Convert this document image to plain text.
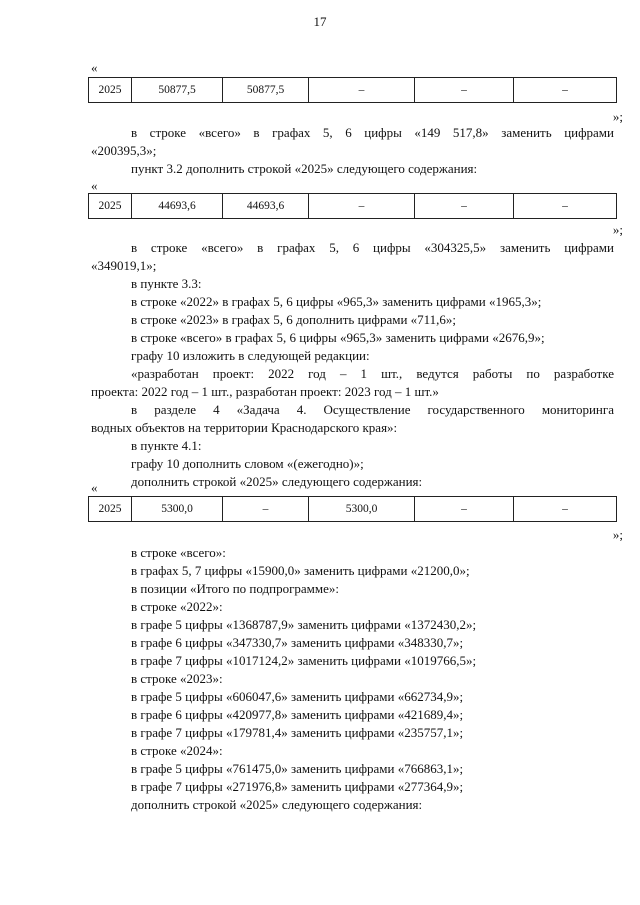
17
«
2025	50877,5	50877,5	–	–	–
»;
в строке «всего» в графах 5, 6 цифры «149 517,8» заменить цифрами
«200395,3»;
пункт 3.2 дополнить строкой «2025» следующего содержания:
«
2025	44693,6	44693,6	–	–	–
»;
в строке «всего» в графах 5, 6 цифры «304325,5» заменить цифрами
«349019,1»;
в пункте 3.3:
в строке «2022» в графах 5, 6 цифры «965,3» заменить цифрами «1965,3»;
в строке «2023» в графах 5, 6 дополнить цифрами «711,6»;
в строке «всего» в графах 5, 6 цифры «965,3» заменить цифрами «2676,9»;
графу 10 изложить в следующей редакции:
«разработан проект: 2022 год – 1 шт., ведутся работы по разработке
проекта: 2022 год – 1 шт., разработан проект: 2023 год – 1 шт.»
в разделе 4 «Задача 4. Осуществление государственного мониторинга
водных объектов на территории Краснодарского края»:
в пункте 4.1:
графу 10 дополнить словом «(ежегодно)»;
дополнить строкой «2025» следующего содержания:
«
2025	5300,0	–	5300,0	–	–
»;
в строке «всего»:
в графах 5, 7 цифры «15900,0» заменить цифрами «21200,0»;
в позиции «Итого по подпрограмме»:
в строке «2022»:
в графе 5 цифры «1368787,9» заменить цифрами «1372430,2»;
в графе 6 цифры «347330,7» заменить цифрами «348330,7»;
в графе 7 цифры «1017124,2» заменить цифрами «1019766,5»;
в строке «2023»:
в графе 5 цифры «606047,6» заменить цифрами «662734,9»;
в графе 6 цифры «420977,8» заменить цифрами «421689,4»;
в графе 7 цифры «179781,4» заменить цифрами «235757,1»;
в строке «2024»:
в графе 5 цифры «761475,0» заменить цифрами «766863,1»;
в графе 7 цифры «271976,8» заменить цифрами «277364,9»;
дополнить строкой «2025» следующего содержания:
